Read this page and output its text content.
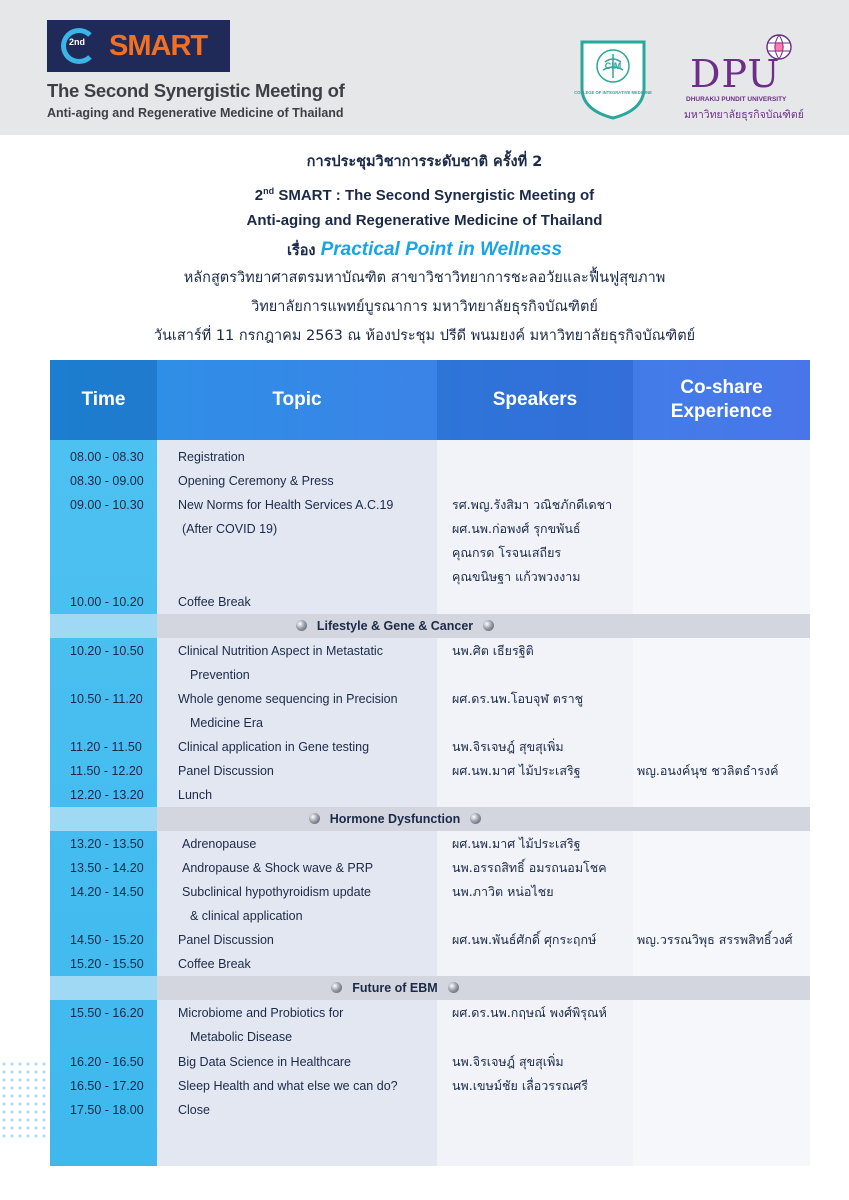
2nd SMART
The Second Synergistic Meeting of
Anti-aging and Regenerative Medicine of Thailand
CIM
COLLEGE OF INTEGRATIVE MEDICINE DPU
DHURAKIJ PUNDIT UNIVERSITY
มหาวิทยาลัยธุรกิจบัณฑิตย์
การประชุมวิชาการระดับชาติ ครั้งที่ 2
2nd SMART : The Second Synergistic Meeting of
Anti-aging and Regenerative Medicine of Thailand
เรื่อง Practical Point in Wellness
หลักสูตรวิทยาศาสตรมหาบัณฑิต สาขาวิชาวิทยาการชะลอวัยและฟื้นฟูสุขภาพ
วิทยาลัยการแพทย์บูรณาการ มหาวิทยาลัยธุรกิจบัณฑิตย์
วันเสาร์ที่ 11 กรกฎาคม 2563 ณ ห้องประชุม ปรีดี พนมยงค์ มหาวิทยาลัยธุรกิจบัณฑิตย์
Time	Topic	Speakers
Co-share
Experience
08.00 - 08.30	Registration
08.30 - 09.00	Opening Ceremony & Press
09.00 - 10.30	New Norms for Health Services A.C.19	รศ.พญ.รังสิมา วณิชภักดีเดชา
(After COVID 19)	ผศ.นพ.ก่อพงศ์ รุกขพันธ์
คุณกรด โรจนเสถียร
คุณขนิษฐา แก้วพวงงาม
10.00 - 10.20	Coffee Break
Lifestyle & Gene & Cancer
10.20 - 10.50	Clinical Nutrition Aspect in Metastatic	นพ.ศิต เธียรฐิติ
Prevention
10.50 - 11.20	Whole genome sequencing in Precision	ผศ.ดร.นพ.โอบจุฬ ตราชู
Medicine Era
11.20 - 11.50	Clinical application in Gene testing	นพ.จิรเจษฎ์ สุขสุเพิ่ม
11.50 - 12.20	Panel Discussion	ผศ.นพ.มาศ ไม้ประเสริฐ	พญ.อนงค์นุช ชวลิตธำรงค์
12.20 - 13.20	Lunch
Hormone Dysfunction
13.20 - 13.50	Adrenopause	ผศ.นพ.มาศ ไม้ประเสริฐ
13.50 - 14.20	Andropause & Shock wave & PRP	นพ.อรรถสิทธิ์ อมรถนอมโชค
14.20 - 14.50	Subclinical hypothyroidism update	นพ.ภาวิต หน่อไชย
& clinical application
14.50 - 15.20	Panel Discussion	ผศ.นพ.พันธ์ศักดิ์ ศุกระฤกษ์	พญ.วรรณวิพุธ สรรพสิทธิ์วงศ์
15.20 - 15.50	Coffee Break
Future of EBM
15.50 - 16.20	Microbiome and Probiotics for	ผศ.ดร.นพ.กฤษณ์ พงศ์พิรุณห์
Metabolic Disease
16.20 - 16.50	Big Data Science in Healthcare	นพ.จิรเจษฎ์ สุขสุเพิ่ม
16.50 - 17.20	Sleep Health and what else we can do?	นพ.เขษม์ชัย เลื่อวรรณศรี
17.50 - 18.00	Close
